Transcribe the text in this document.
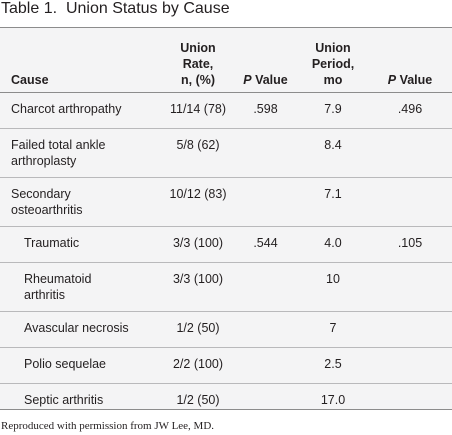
Table 1. Union Status by Cause
Cause	Union
Rate,
n, (%)	P Value	Union
Period,
mo	P Value
Charcot arthropathy	11/14 (78)	.598	7.9	.496
Failed total ankle
arthroplasty	5/8 (62)		8.4	
Secondary
osteoarthritis	10/12 (83)		7.1	
Traumatic	3/3 (100)	.544	4.0	.105
Rheumatoid
arthritis	3/3 (100)		10	
Avascular necrosis	1/2 (50)		7	
Polio sequelae	2/2 (100)		2.5	
Septic arthritis	1/2 (50)		17.0	
Reproduced with permission from JW Lee, MD.
